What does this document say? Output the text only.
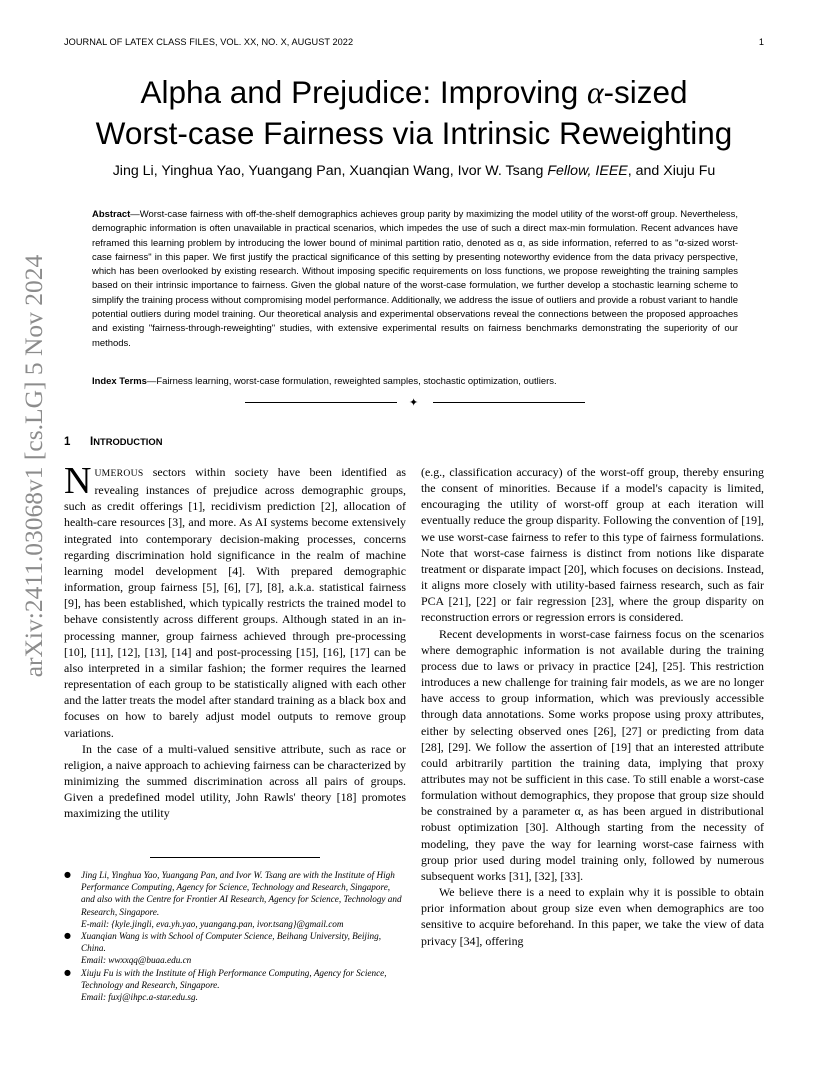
JOURNAL OF LATEX CLASS FILES, VOL. XX, NO. X, AUGUST 2022	1
Alpha and Prejudice: Improving α-sized
Worst-case Fairness via Intrinsic Reweighting
Jing Li, Yinghua Yao, Yuangang Pan, Xuanqian Wang, Ivor W. Tsang Fellow, IEEE, and Xiuju Fu
Abstract—Worst-case fairness with off-the-shelf demographics achieves group parity by maximizing the model utility of the worst-off group. Nevertheless, demographic information is often unavailable in practical scenarios, which impedes the use of such a direct max-min formulation. Recent advances have reframed this learning problem by introducing the lower bound of minimal partition ratio, denoted as α, as side information, referred to as "α-sized worst-case fairness" in this paper. We first justify the practical significance of this setting by presenting noteworthy evidence from the data privacy perspective, which has been overlooked by existing research. Without imposing specific requirements on loss functions, we propose reweighting the training samples based on their intrinsic importance to fairness. Given the global nature of the worst-case formulation, we further develop a stochastic learning scheme to simplify the training process without compromising model performance. Additionally, we address the issue of outliers and provide a robust variant to handle potential outliers during model training. Our theoretical analysis and experimental observations reveal the connections between the proposed approaches and existing "fairness-through-reweighting" studies, with extensive experimental results on fairness benchmarks demonstrating the superiority of our methods.
Index Terms—Fairness learning, worst-case formulation, reweighted samples, stochastic optimization, outliers.
✦
arXiv:2411.03068v1 [cs.LG] 5 Nov 2024 1 INTRODUCTION

NUMEROUS sectors within society have been identified as revealing instances of prejudice across demographic groups, such as credit offerings [1], recidivism prediction [2], allocation of health-care resources [3], and more. As AI systems become extensively integrated into contemporary decision-making processes, concerns regarding discrimination hold significance in the realm of machine learning model development [4]. With prepared demographic information, group fairness [5], [6], [7], [8], a.k.a. statistical fairness [9], has been established, which typically restricts the trained model to behave consistently across different groups. Although stated in an in-processing manner, group fairness achieved through pre-processing [10], [11], [12], [13], [14] and post-processing [15], [16], [17] can be also interpreted in a similar fashion; the former requires the learned representation of each group to be statistically aligned with each other and the latter treats the model after standard training as a black box and focuses on how to barely adjust model outputs to remove group variations.

In the case of a multi-valued sensitive attribute, such as race or religion, a naive approach to achieving fairness can be characterized by minimizing the summed discrimination across all pairs of groups. Given a predefined model utility, John Rawls' theory [18] promotes maximizing the utility

(e.g., classification accuracy) of the worst-off group, thereby ensuring the consent of minorities. Because if a model's capacity is limited, encouraging the utility of worst-off group at each iteration will eventually reduce the group disparity. Following the convention of [19], we use worst-case fairness to refer to this type of fairness formulations. Note that worst-case fairness is distinct from notions like disparate treatment or disparate impact [20], which focuses on decisions. Instead, it aligns more closely with utility-based fairness research, such as fair PCA [21], [22] or fair regression [23], where the group disparity on reconstruction errors or regression errors is considered.

Recent developments in worst-case fairness focus on the scenarios where demographic information is not available during the training process due to laws or privacy in practice [24], [25]. This restriction introduces a new challenge for training fair models, as we are no longer have access to group information, which was previously accessible through data annotations. Some works propose using proxy attributes, either by selecting observed ones [26], [27] or predicting from data [28], [29]. We follow the assertion of [19] that an interested attribute could arbitrarily partition the training data, implying that proxy attributes may not be sufficient in this case. To still enable a worst-case formulation without demographics, they propose that group size should be constrained by a parameter α, as has been argued in distributional robust optimization [30]. Although starting from the necessity of modeling, they pave the way for learning worst-case fairness with group prior used during model training only, followed by numerous subsequent works [31], [32], [33].

We believe there is a need to explain why it is possible to obtain prior information about group size even when demographics are too sensitive to acquire beforehand. In this paper, we take the view of data privacy [34], offering

● Jing Li, Yinghua Yao, Yuangang Pan, and Ivor W. Tsang are with the Institute of High Performance Computing, Agency for Science, Technology and Research, Singapore, and also with the Centre for Frontier AI Research, Agency for Science, Technology and Research, Singapore.
E-mail: {kyle.jingli, eva.yh.yao, yuangang.pan, ivor.tsang}@gmail.com
● Xuanqian Wang is with School of Computer Science, Beihang University, Beijing, China.
Email: wwxxqq@buaa.edu.cn
● Xiuju Fu is with the Institute of High Performance Computing, Agency for Science, Technology and Research, Singapore.
Email: fuxj@ihpc.a-star.edu.sg.
